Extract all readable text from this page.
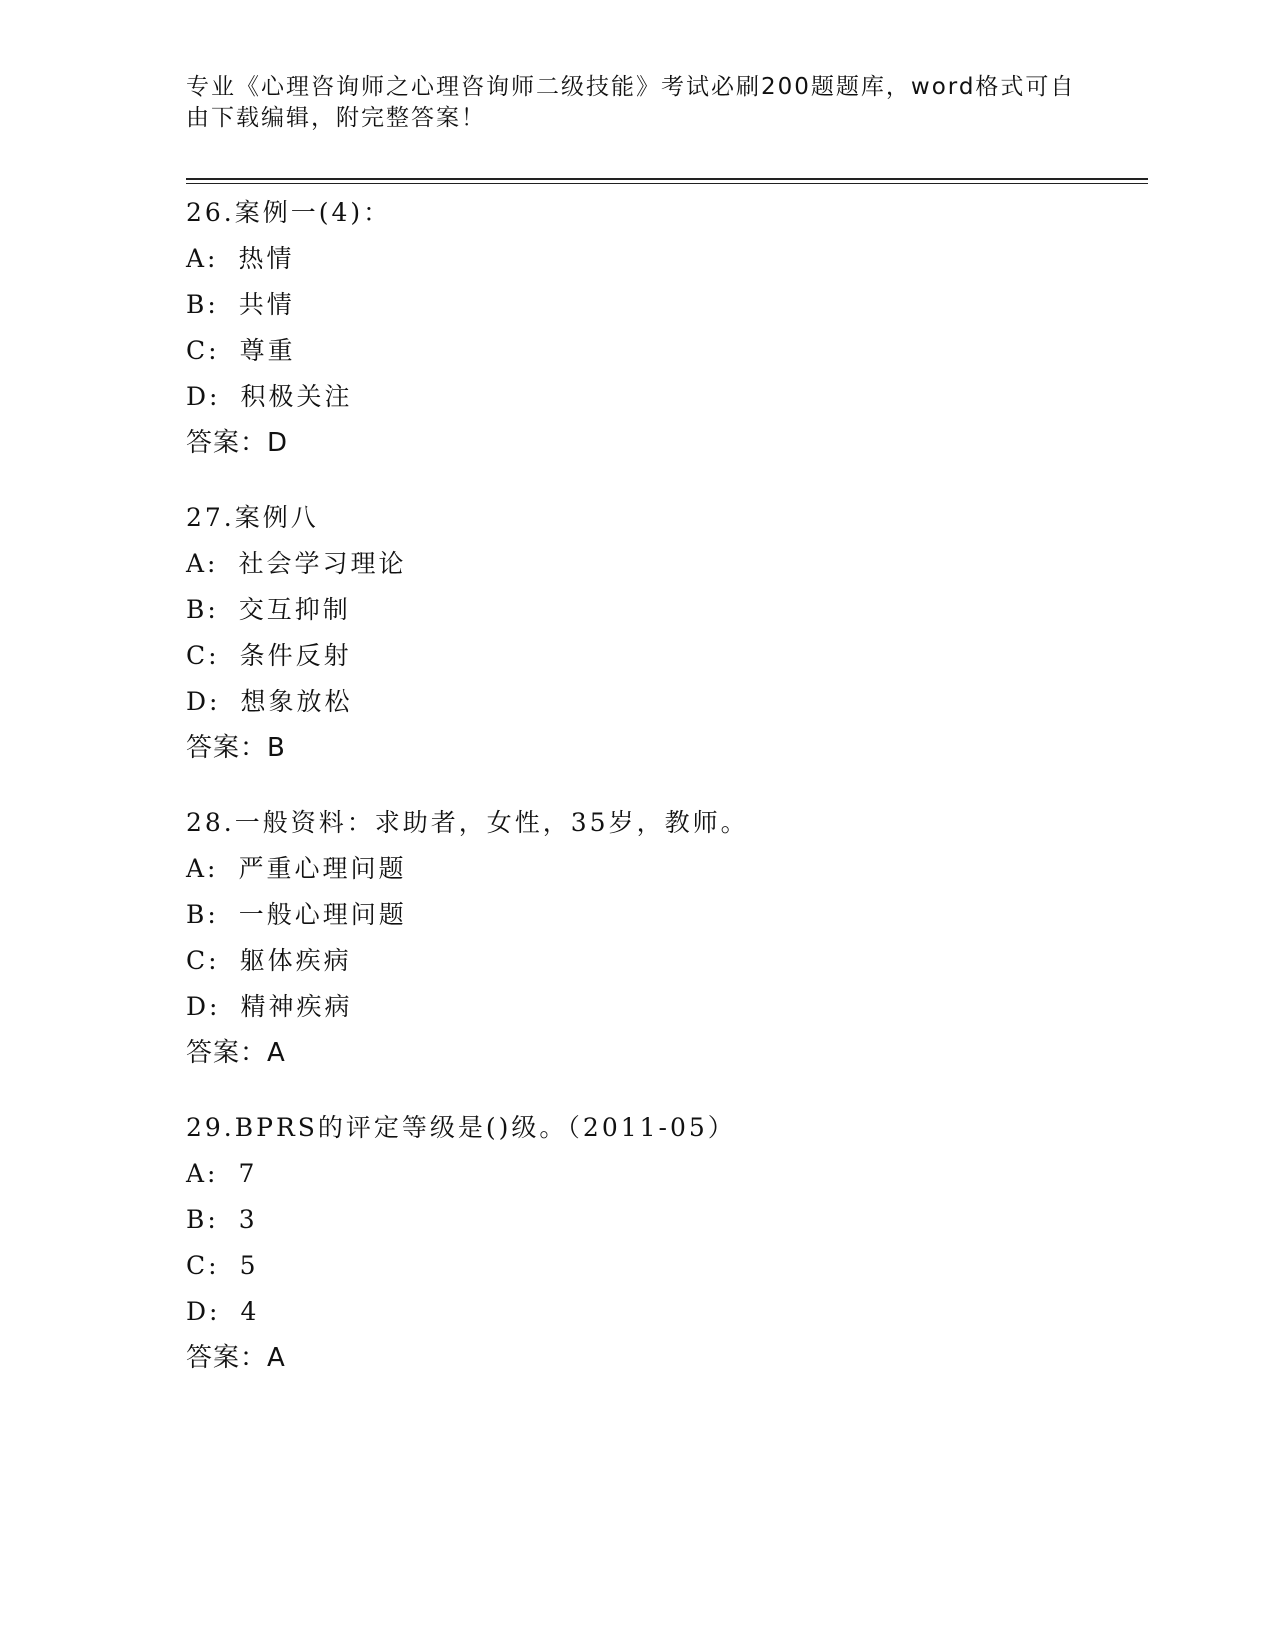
专业《心理咨询师之心理咨询师二级技能》考试必刷200题题库，word格式可自
由下载编辑，附完整答案！
26.案例一(4)：
A: 热情
B: 共情
C: 尊重
D: 积极关注
答案：D
27.案例八
A: 社会学习理论
B: 交互抑制
C: 条件反射
D: 想象放松
答案：B
28.一般资料：求助者，女性，35岁，教师。
A: 严重心理问题
B: 一般心理问题
C: 躯体疾病
D: 精神疾病
答案：A
29.BPRS的评定等级是()级。（2011-05）
A: 7
B: 3
C: 5
D: 4
答案：A
